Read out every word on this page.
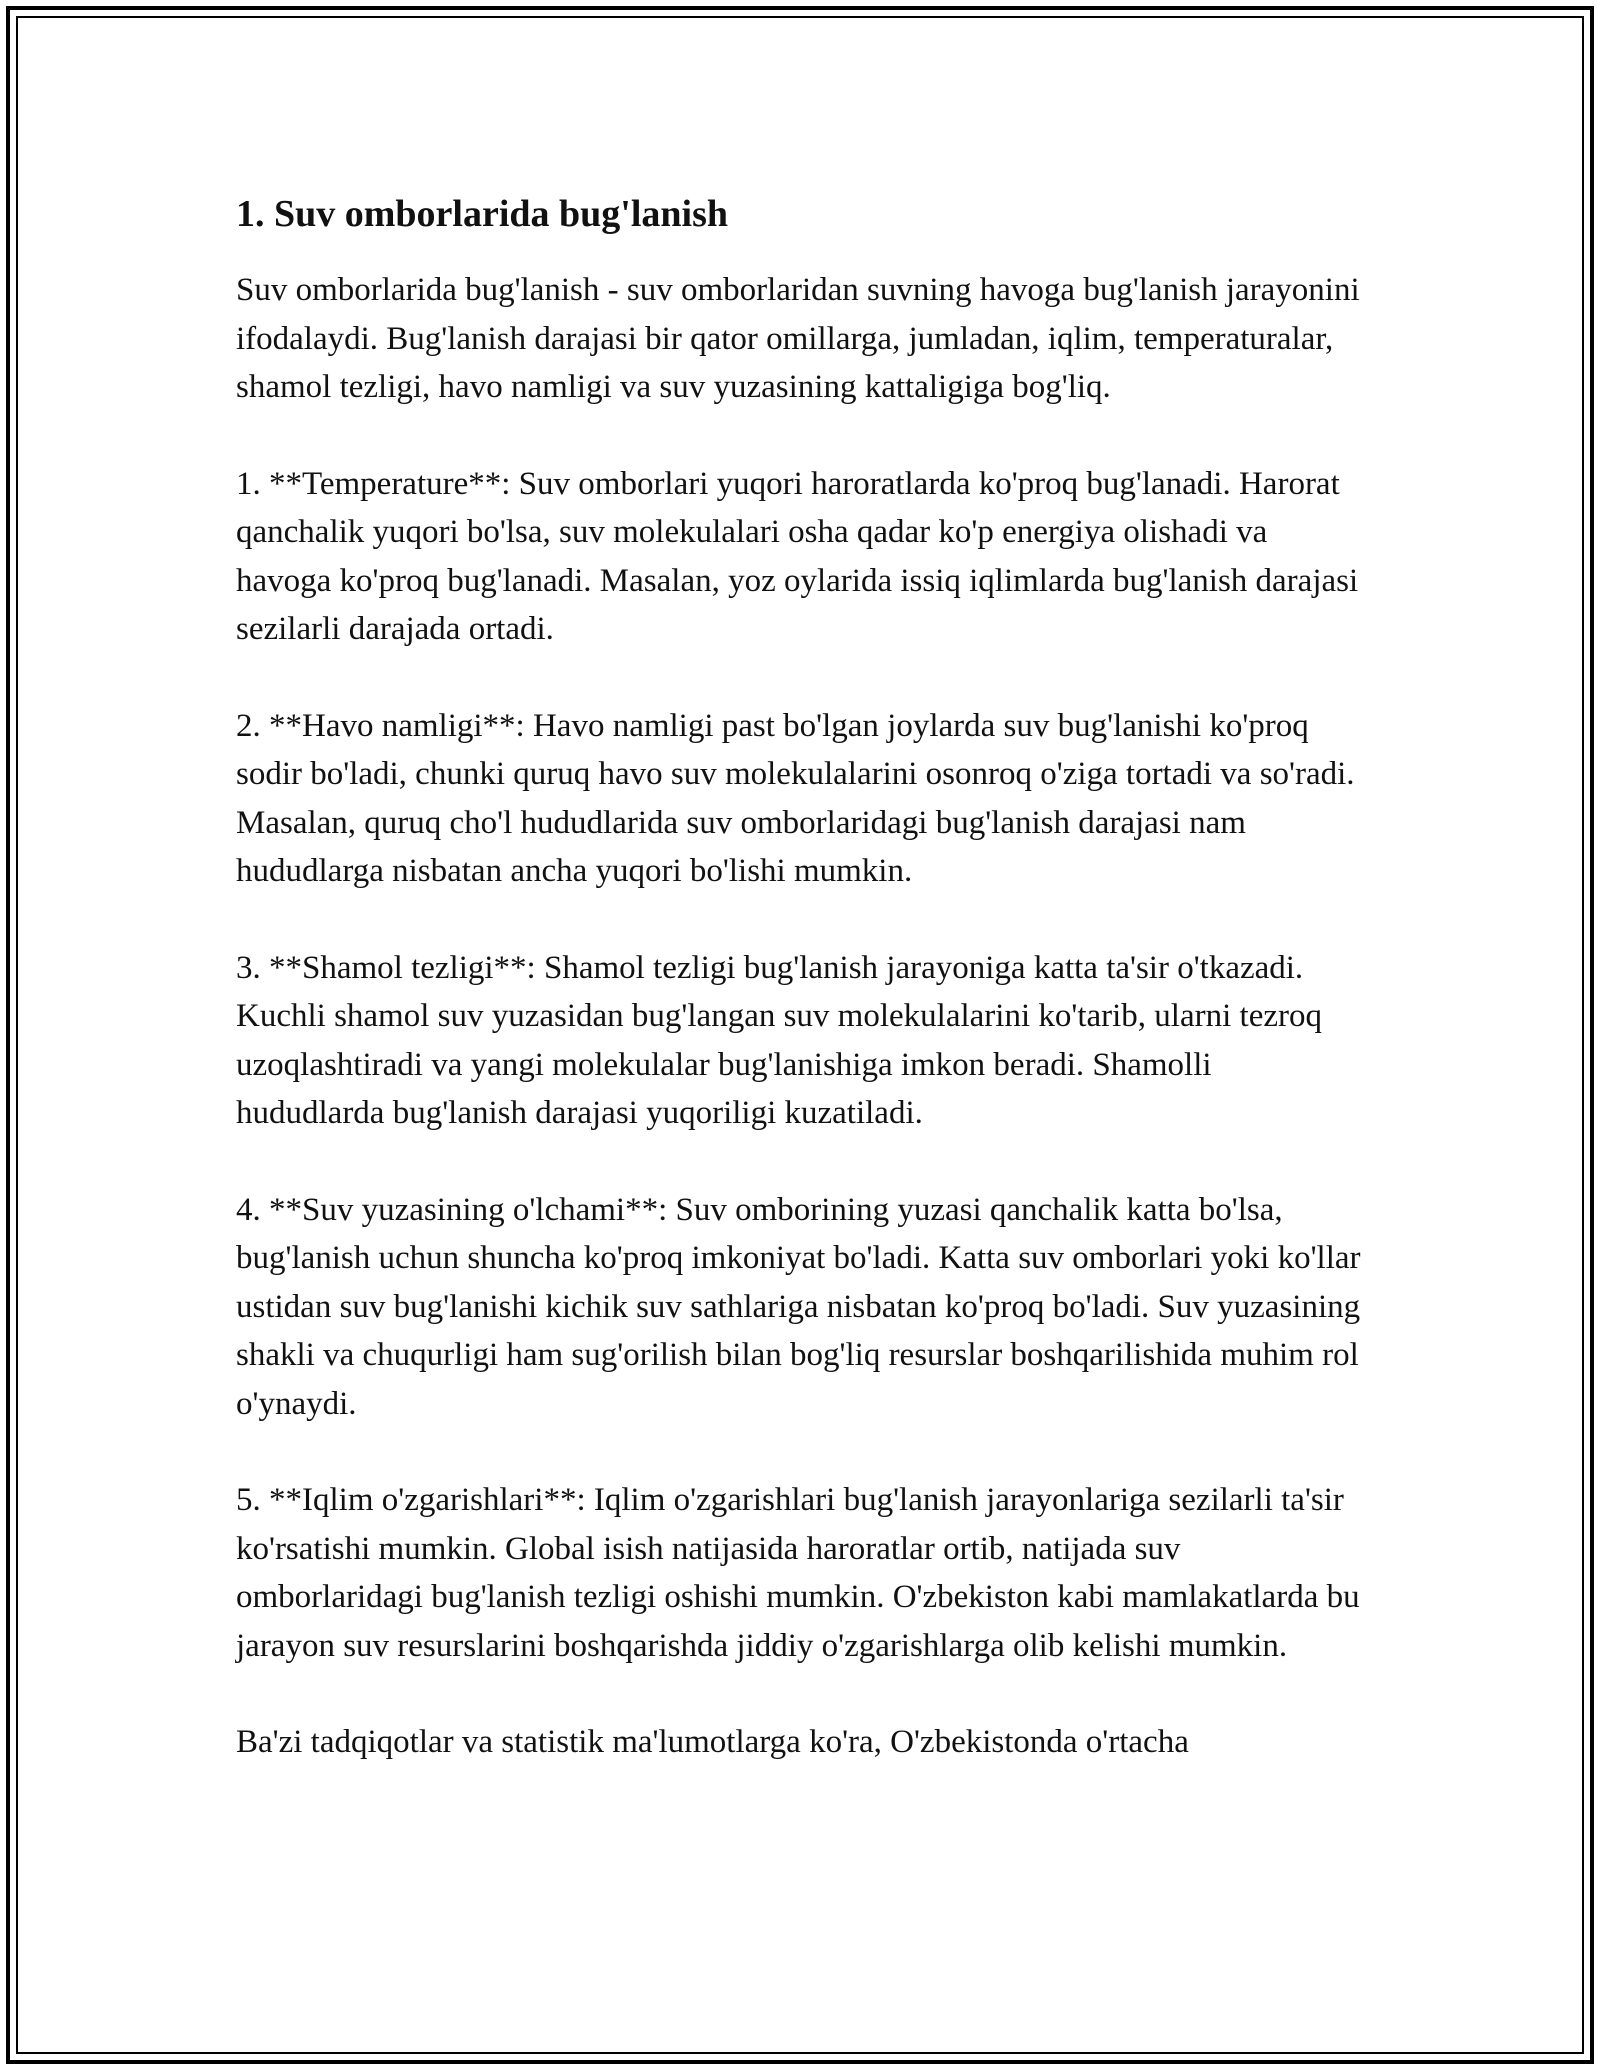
1. Suv omborlarida bug'lanish

Suv omborlarida bug'lanish - suv omborlaridan suvning havoga bug'lanish jarayonini ifodalaydi. Bug'lanish darajasi bir qator omillarga, jumladan, iqlim, temperaturalar, shamol tezligi, havo namligi va suv yuzasining kattaligiga bog'liq.

1. **Temperature**: Suv omborlari yuqori haroratlarda ko'proq bug'lanadi. Harorat qanchalik yuqori bo'lsa, suv molekulalari osha qadar ko'p energiya olishadi va havoga ko'proq bug'lanadi. Masalan, yoz oylarida issiq iqlimlarda bug'lanish darajasi sezilarli darajada ortadi.

2. **Havo namligi**: Havo namligi past bo'lgan joylarda suv bug'lanishi ko'proq sodir bo'ladi, chunki quruq havo suv molekulalarini osonroq o'ziga tortadi va so'radi. Masalan, quruq cho'l hududlarida suv omborlaridagi bug'lanish darajasi nam hududlarga nisbatan ancha yuqori bo'lishi mumkin.

3. **Shamol tezligi**: Shamol tezligi bug'lanish jarayoniga katta ta'sir o'tkazadi. Kuchli shamol suv yuzasidan bug'langan suv molekulalarini ko'tarib, ularni tezroq uzoqlashtiradi va yangi molekulalar bug'lanishiga imkon beradi. Shamolli hududlarda bug'lanish darajasi yuqoriligi kuzatiladi.

4. **Suv yuzasining o'lchami**: Suv omborining yuzasi qanchalik katta bo'lsa, bug'lanish uchun shuncha ko'proq imkoniyat bo'ladi. Katta suv omborlari yoki ko'llar ustidan suv bug'lanishi kichik suv sathlariga nisbatan ko'proq bo'ladi. Suv yuzasining shakli va chuqurligi ham sug'orilish bilan bog'liq resurslar boshqarilishida muhim rol o'ynaydi.

5. **Iqlim o'zgarishlari**: Iqlim o'zgarishlari bug'lanish jarayonlariga sezilarli ta'sir ko'rsatishi mumkin. Global isish natijasida haroratlar ortib, natijada suv omborlaridagi bug'lanish tezligi oshishi mumkin. O'zbekiston kabi mamlakatlarda bu jarayon suv resurslarini boshqarishda jiddiy o'zgarishlarga olib kelishi mumkin.

Ba'zi tadqiqotlar va statistik ma'lumotlarga ko'ra, O'zbekistonda o'rtacha
